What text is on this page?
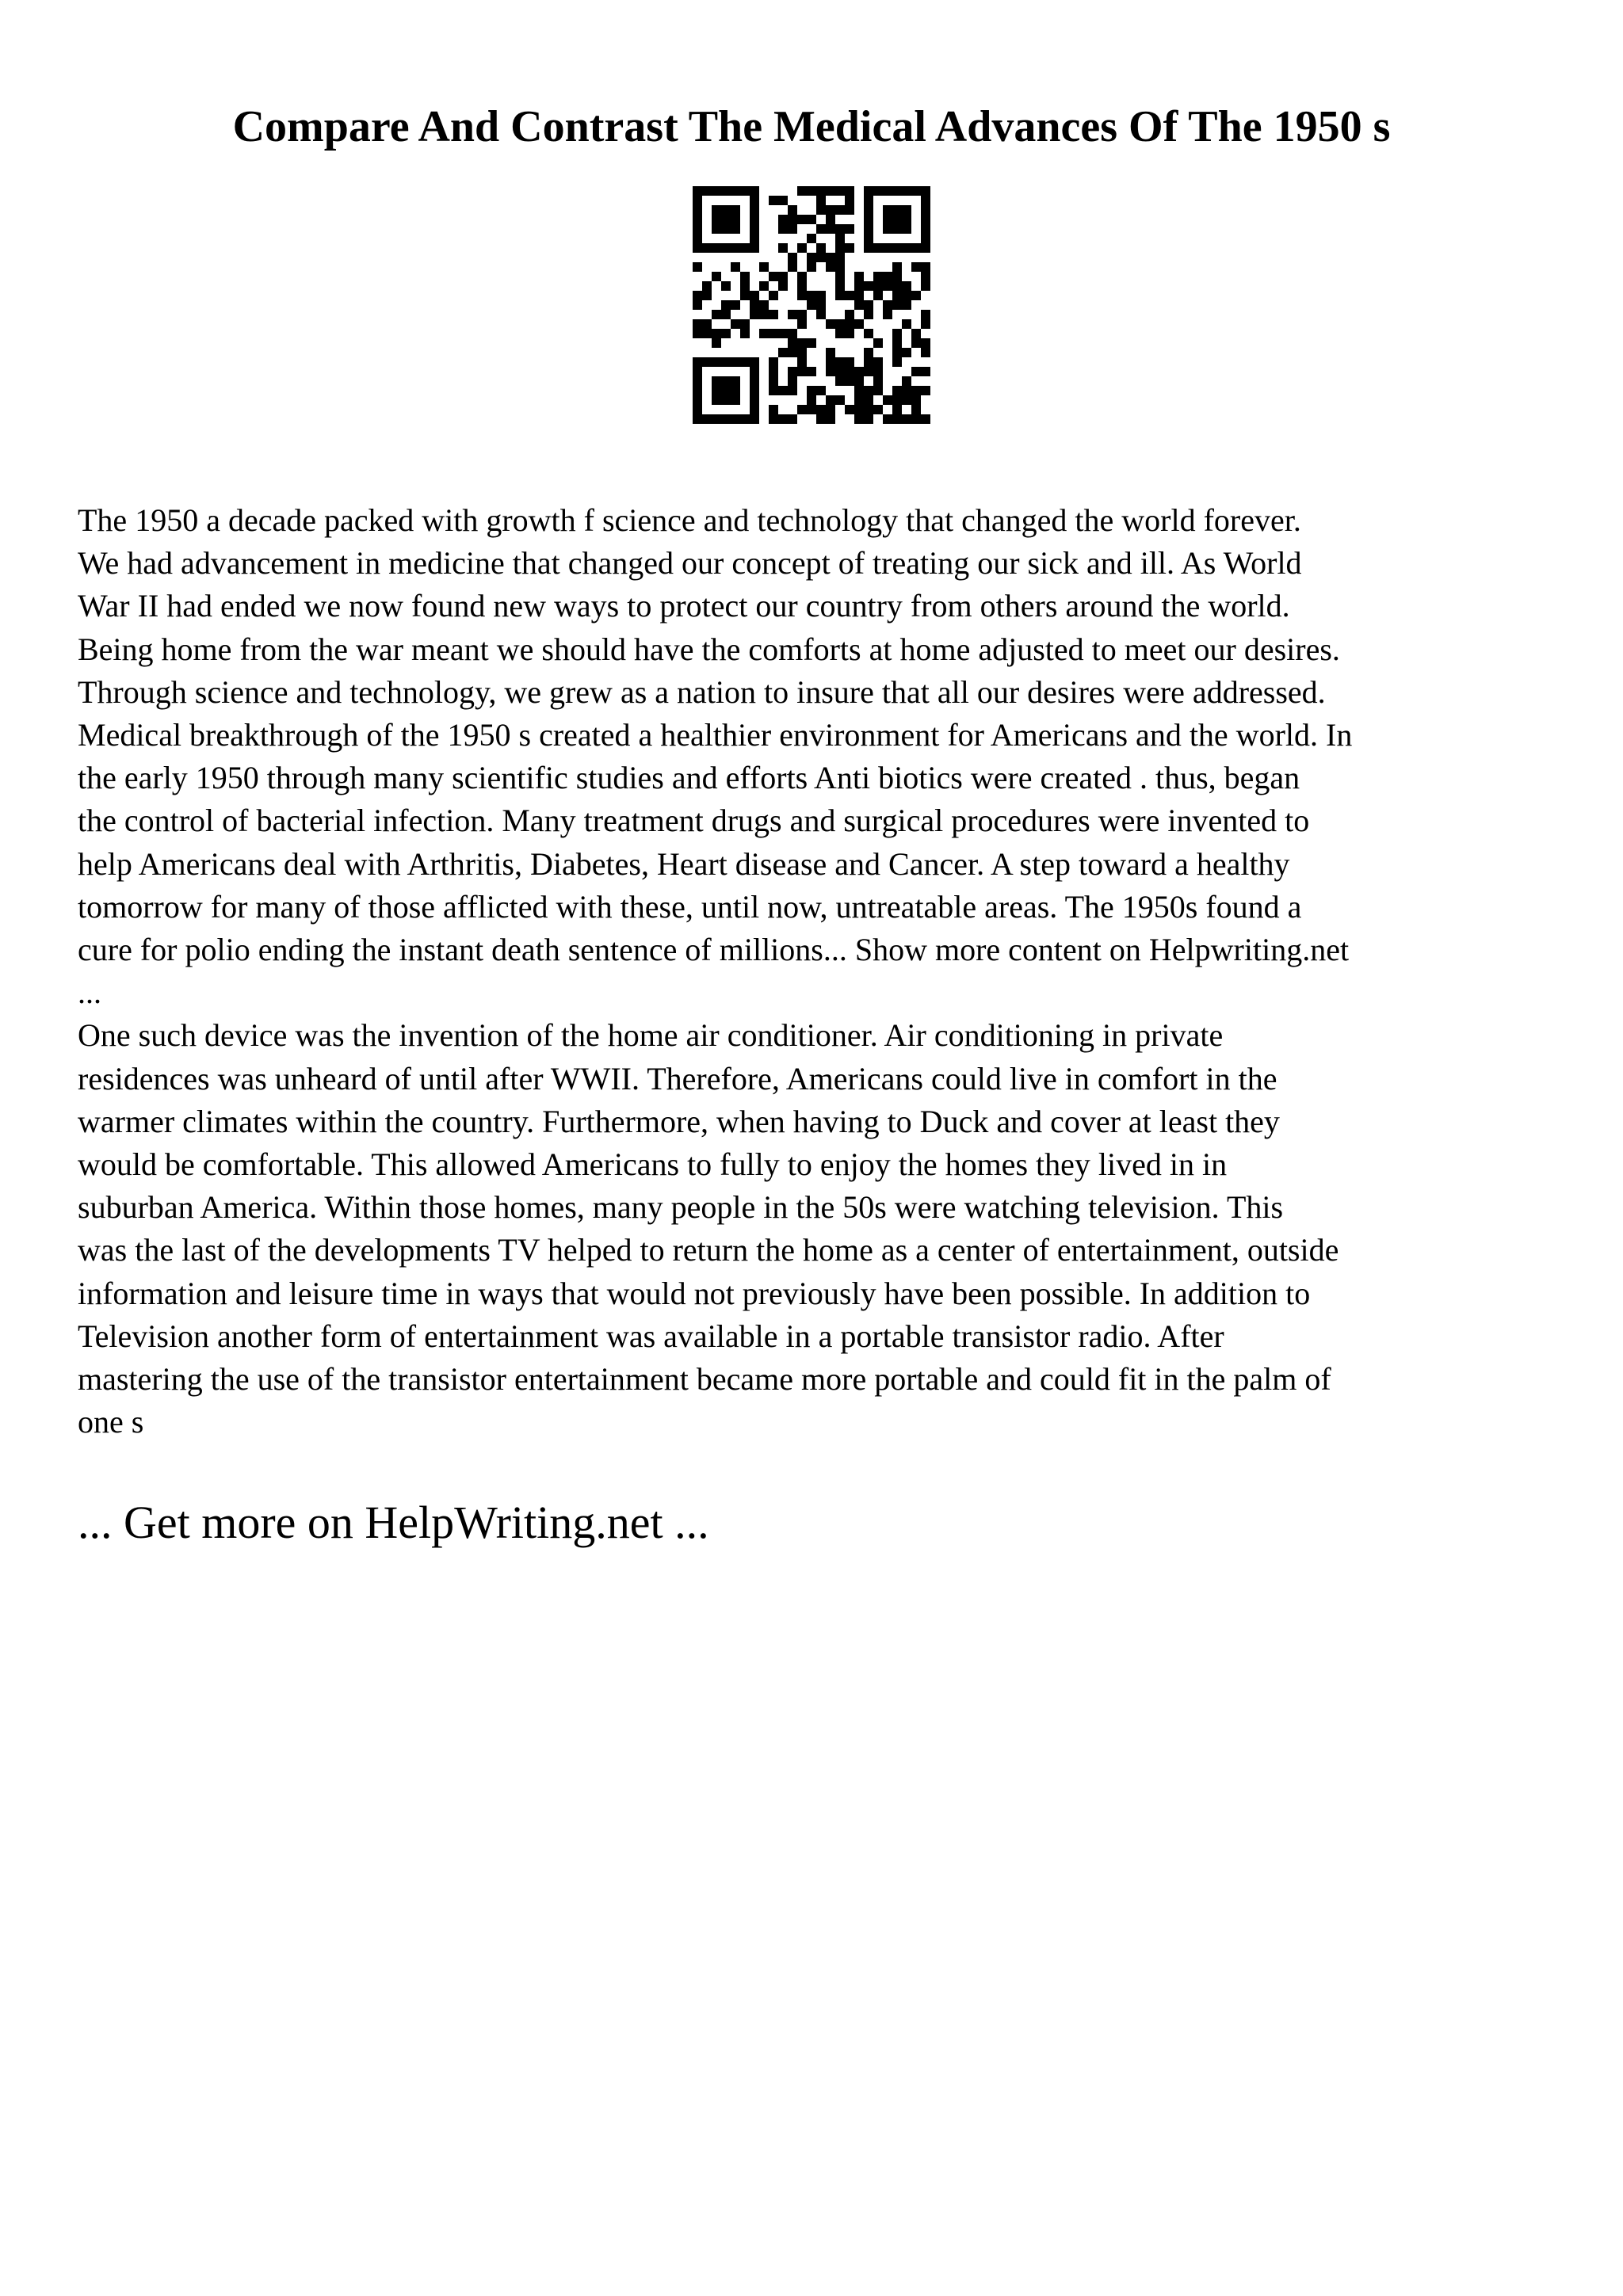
Compare And Contrast The Medical Advances Of The 1950 s
The 1950 a decade packed with growth f science and technology that changed the world forever.
We had advancement in medicine that changed our concept of treating our sick and ill. As World
War II had ended we now found new ways to protect our country from others around the world.
Being home from the war meant we should have the comforts at home adjusted to meet our desires.
Through science and technology, we grew as a nation to insure that all our desires were addressed.
Medical breakthrough of the 1950 s created a healthier environment for Americans and the world. In
the early 1950 through many scientific studies and efforts Anti biotics were created . thus, began
the control of bacterial infection. Many treatment drugs and surgical procedures were invented to
help Americans deal with Arthritis, Diabetes, Heart disease and Cancer. A step toward a healthy
tomorrow for many of those afflicted with these, until now, untreatable areas. The 1950s found a
cure for polio ending the instant death sentence of millions... Show more content on Helpwriting.net
...
One such device was the invention of the home air conditioner. Air conditioning in private
residences was unheard of until after WWII. Therefore, Americans could live in comfort in the
warmer climates within the country. Furthermore, when having to Duck and cover at least they
would be comfortable. This allowed Americans to fully to enjoy the homes they lived in in
suburban America. Within those homes, many people in the 50s were watching television. This
was the last of the developments TV helped to return the home as a center of entertainment, outside
information and leisure time in ways that would not previously have been possible. In addition to
Television another form of entertainment was available in a portable transistor radio. After
mastering the use of the transistor entertainment became more portable and could fit in the palm of
one s

... Get more on HelpWriting.net ...
